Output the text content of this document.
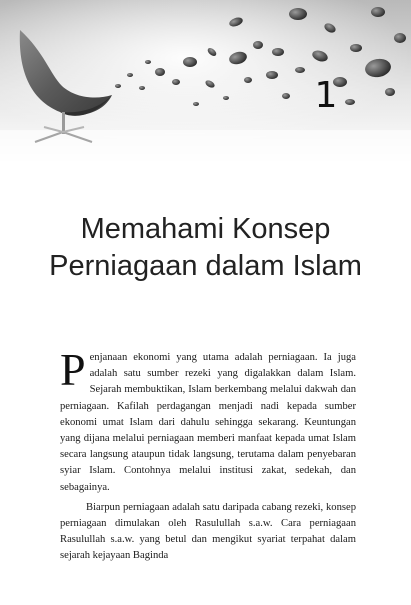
1
Memahami Konsep
Perniagaan dalam Islam

Penjanaan ekonomi yang utama adalah perniagaan. Ia juga adalah satu sumber rezeki yang digalakkan dalam Islam. Sejarah membuktikan, Islam berkembang melalui dakwah dan perniagaan. Kafilah perdagangan menjadi nadi kepada sumber ekonomi umat Islam dari dahulu sehingga sekarang. Keuntungan yang dijana melalui perniagaan memberi manfaat kepada umat Islam secara langsung ataupun tidak langsung, terutama dalam penyebaran syiar Islam. Contohnya melalui institusi zakat, sedekah, dan sebagainya.

Biarpun perniagaan adalah satu daripada cabang rezeki, konsep perniagaan dimulakan oleh Rasulullah s.a.w. Cara perniagaan Rasulullah s.a.w. yang betul dan mengikut syariat terpahat dalam sejarah kejayaan Baginda
